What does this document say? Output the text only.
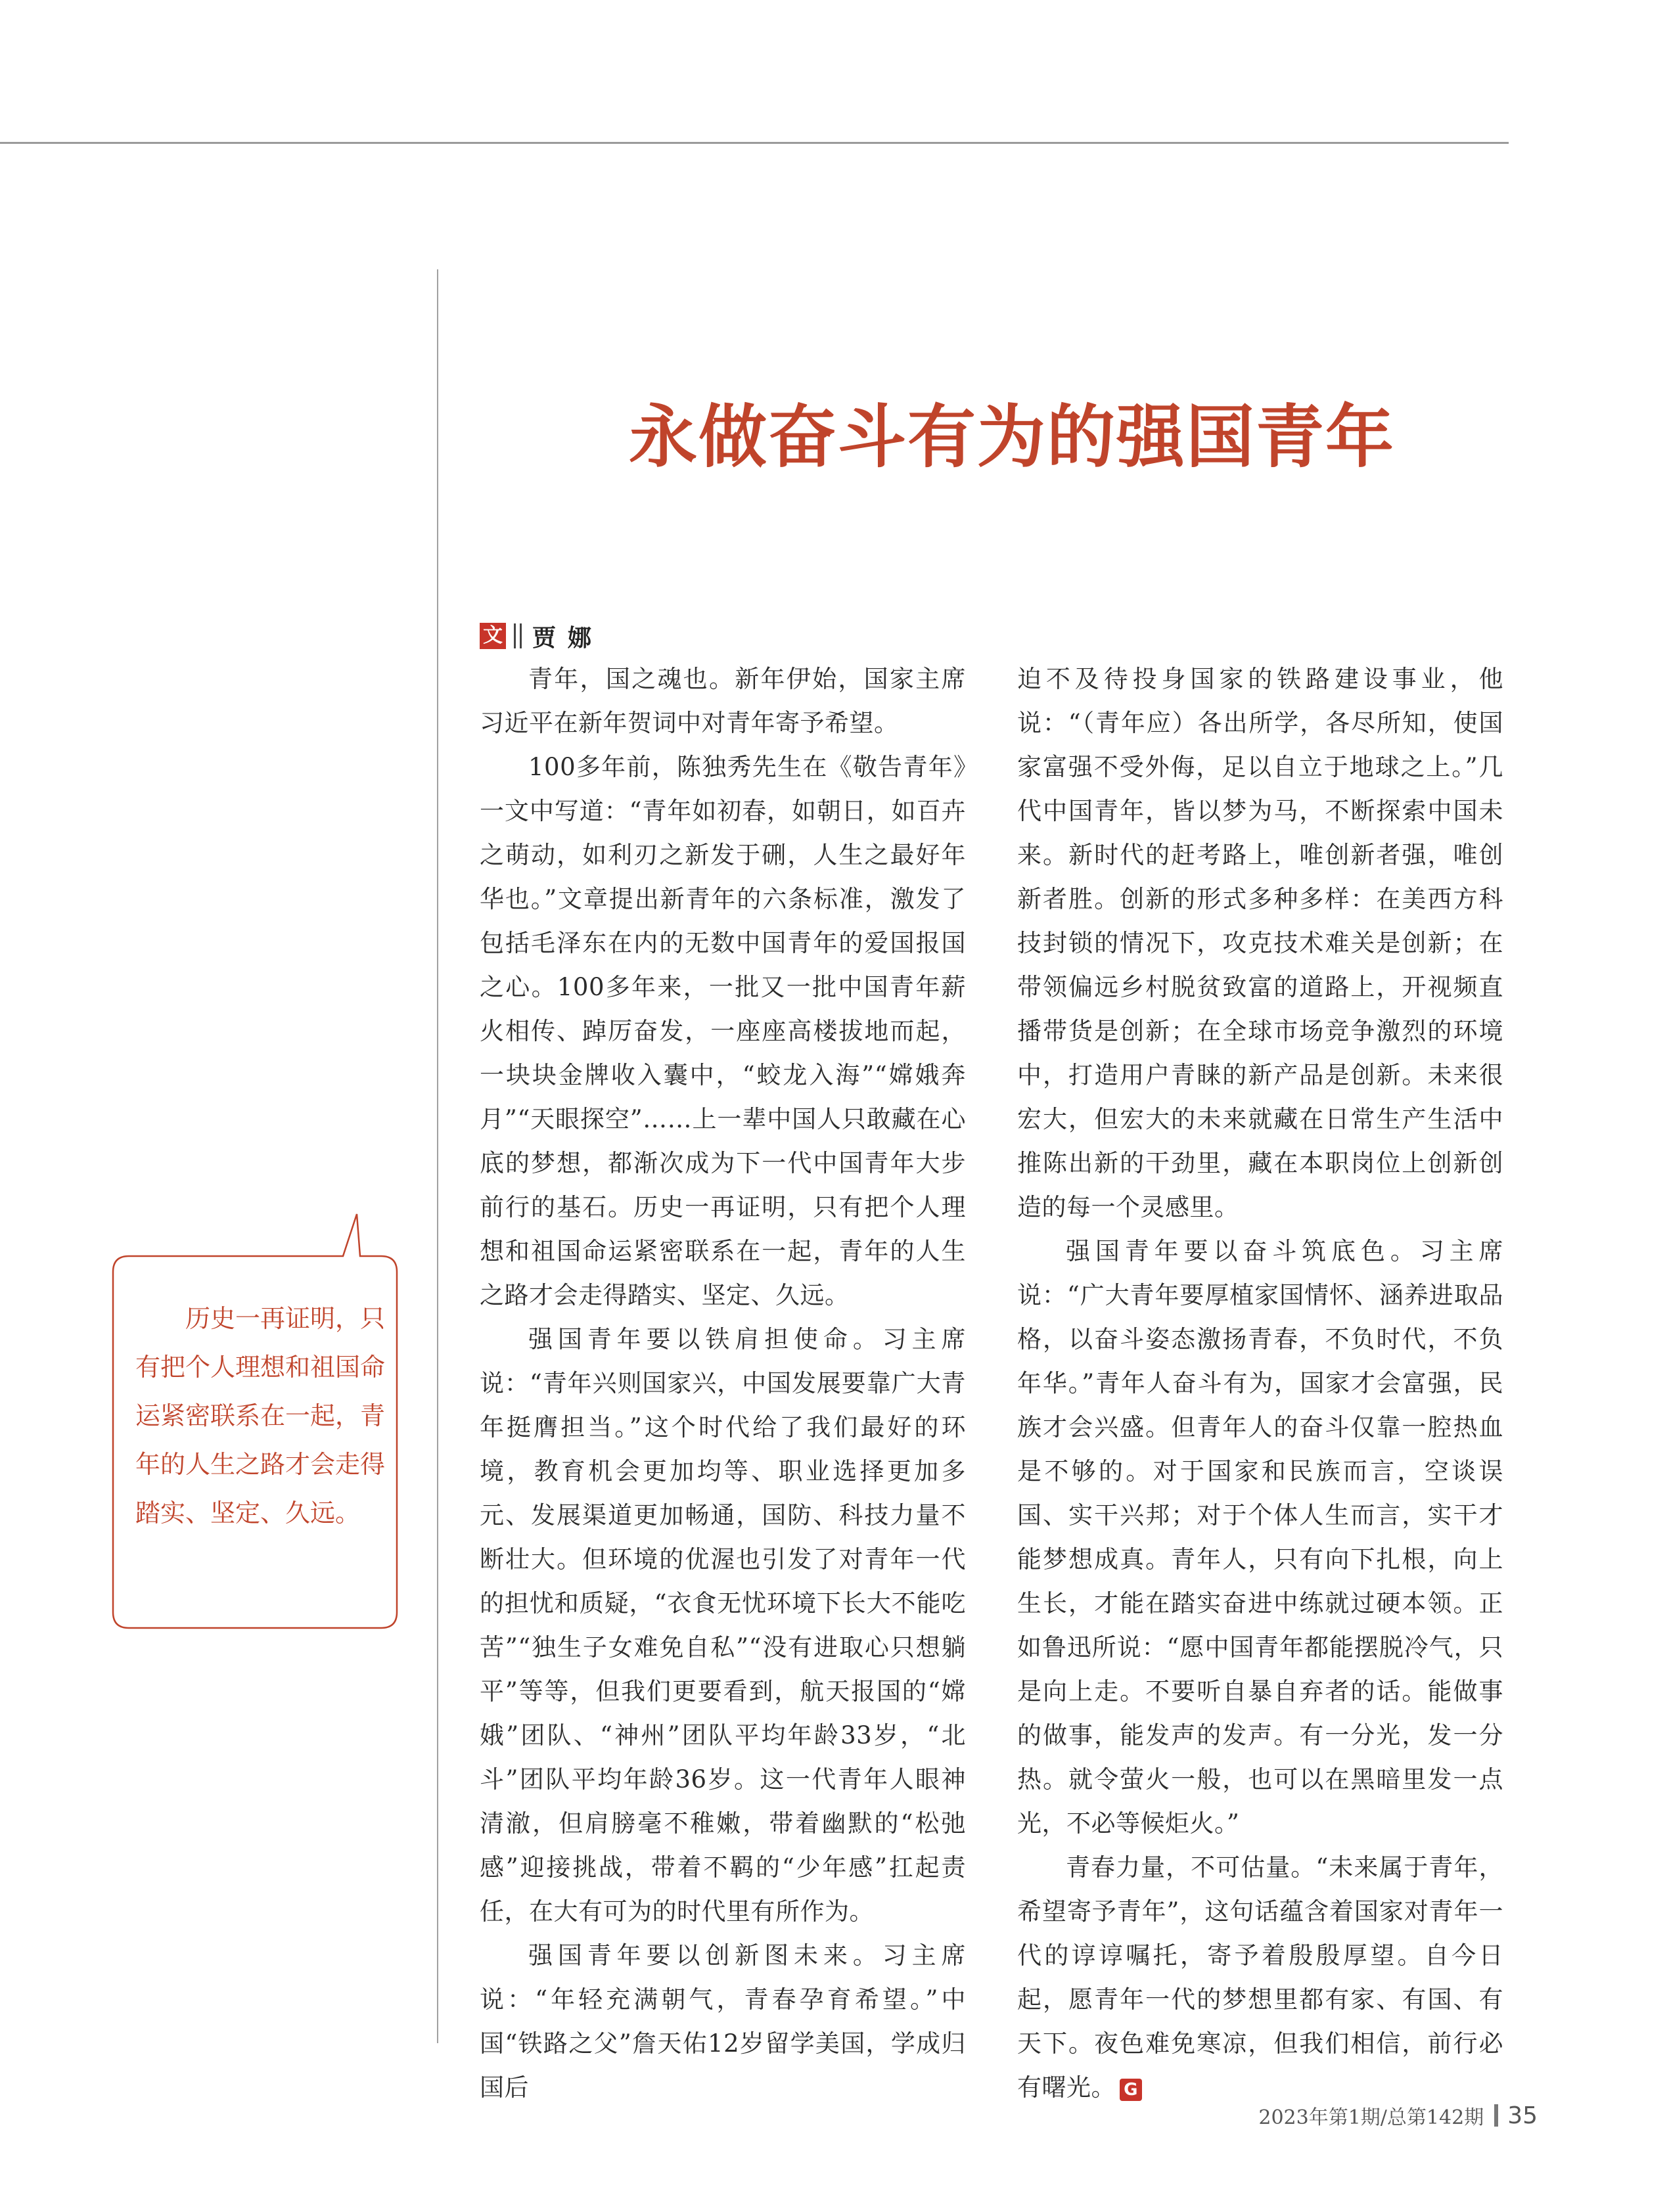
永做奋斗有为的强国青年
文 贾娜

青年，国之魂也。新年伊始，国家主席习近平在新年贺词中对青年寄予希望。

100多年前，陈独秀先生在《敬告青年》一文中写道：“青年如初春，如朝日，如百卉之萌动，如利刃之新发于硎，人生之最好年华也。”文章提出新青年的六条标准，激发了包括毛泽东在内的无数中国青年的爱国报国之心。100多年来，一批又一批中国青年薪火相传、踔厉奋发，一座座高楼拔地而起，一块块金牌收入囊中，“蛟龙入海”“嫦娥奔月”“天眼探空”……上一辈中国人只敢藏在心底的梦想，都渐次成为下一代中国青年大步前行的基石。历史一再证明，只有把个人理想和祖国命运紧密联系在一起，青年的人生之路才会走得踏实、坚定、久远。

强国青年要以铁肩担使命。习主席说：“青年兴则国家兴，中国发展要靠广大青年挺膺担当。”这个时代给了我们最好的环境，教育机会更加均等、职业选择更加多元、发展渠道更加畅通，国防、科技力量不断壮大。但环境的优渥也引发了对青年一代的担忧和质疑，“衣食无忧环境下长大不能吃苦”“独生子女难免自私”“没有进取心只想躺平”等等，但我们更要看到，航天报国的“嫦娥”团队、“神州”团队平均年龄33岁，“北斗”团队平均年龄36岁。这一代青年人眼神清澈，但肩膀毫不稚嫩，带着幽默的“松弛感”迎接挑战，带着不羁的“少年感”扛起责任，在大有可为的时代里有所作为。

强国青年要以创新图未来。习主席说：“年轻充满朝气，青春孕育希望。”中国“铁路之父”詹天佑12岁留学美国，学成归国后

迫不及待投身国家的铁路建设事业，他说：“（青年应）各出所学，各尽所知，使国家富强不受外侮，足以自立于地球之上。”几代中国青年，皆以梦为马，不断探索中国未来。新时代的赶考路上，唯创新者强，唯创新者胜。创新的形式多种多样：在美西方科技封锁的情况下，攻克技术难关是创新；在带领偏远乡村脱贫致富的道路上，开视频直播带货是创新；在全球市场竞争激烈的环境中，打造用户青睐的新产品是创新。未来很宏大，但宏大的未来就藏在日常生产生活中推陈出新的干劲里，藏在本职岗位上创新创造的每一个灵感里。

强国青年要以奋斗筑底色。习主席说：“广大青年要厚植家国情怀、涵养进取品格，以奋斗姿态激扬青春，不负时代，不负年华。”青年人奋斗有为，国家才会富强，民族才会兴盛。但青年人的奋斗仅靠一腔热血是不够的。对于国家和民族而言，空谈误国、实干兴邦；对于个体人生而言，实干才能梦想成真。青年人，只有向下扎根，向上生长，才能在踏实奋进中练就过硬本领。正如鲁迅所说：“愿中国青年都能摆脱冷气，只是向上走。不要听自暴自弃者的话。能做事的做事，能发声的发声。有一分光，发一分热。就令萤火一般，也可以在黑暗里发一点光，不必等候炬火。”

青春力量，不可估量。“未来属于青年，希望寄予青年”，这句话蕴含着国家对青年一代的谆谆嘱托，寄予着殷殷厚望。自今日起，愿青年一代的梦想里都有家、有国、有天下。夜色难免寒凉，但我们相信，前行必有曙光。 G

历史一再证明，只有把个人理想和祖国命运紧密联系在一起，青年的人生之路才会走得踏实、坚定、久远。
2023年第1期/总第142期 35
